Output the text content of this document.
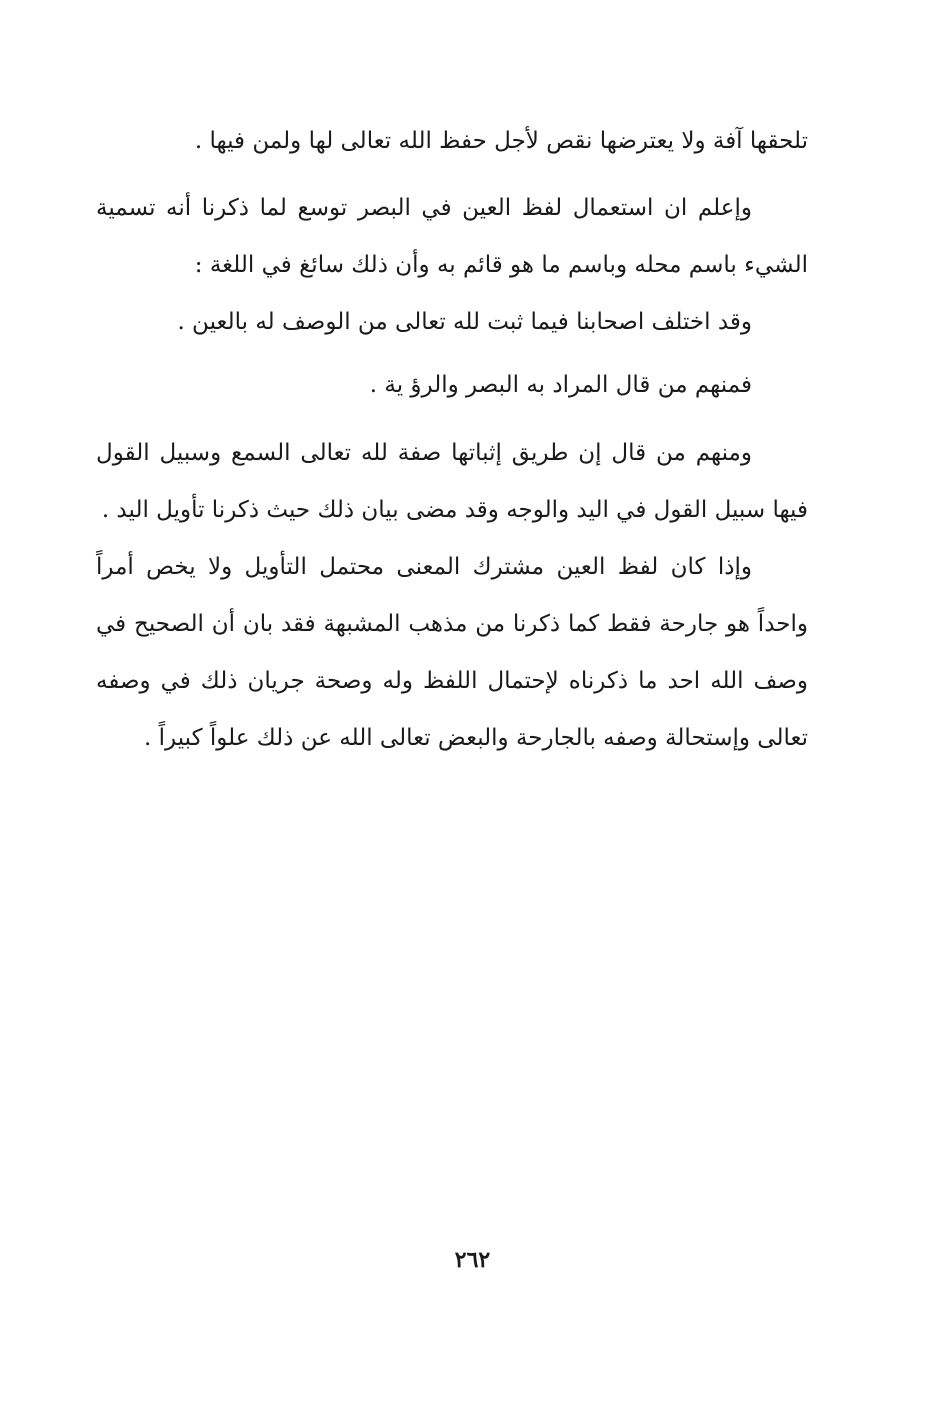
تلحقها آفة ولا يعترضها نقص لأجل حفظ الله تعالى لها ولمن فيها .

وإعلم ان استعمال لفظ العين في البصر توسع لما ذكرنا أنه تسمية الشيء باسم محله وباسم ما هو قائم به وأن ذلك سائغ في اللغة :

وقد اختلف اصحابنا فيما ثبت لله تعالى من الوصف له بالعين .

فمنهم من قال المراد به البصر والرؤ ية .

ومنهم من قال إن طريق إثباتها صفة لله تعالى السمع وسبيل القول فيها سبيل القول في اليد والوجه وقد مضى بيان ذلك حيث ذكرنا تأويل اليد .

وإذا كان لفظ العين مشترك المعنى محتمل التأويل ولا يخص أمراً واحداً هو جارحة فقط كما ذكرنا من مذهب المشبهة فقد بان أن الصحيح في وصف الله احد ما ذكرناه لإحتمال اللفظ وله وصحة جريان ذلك في وصفه تعالى وإستحالة وصفه بالجارحة والبعض تعالى الله عن ذلك علواً كبيراً .

٢٦٢
